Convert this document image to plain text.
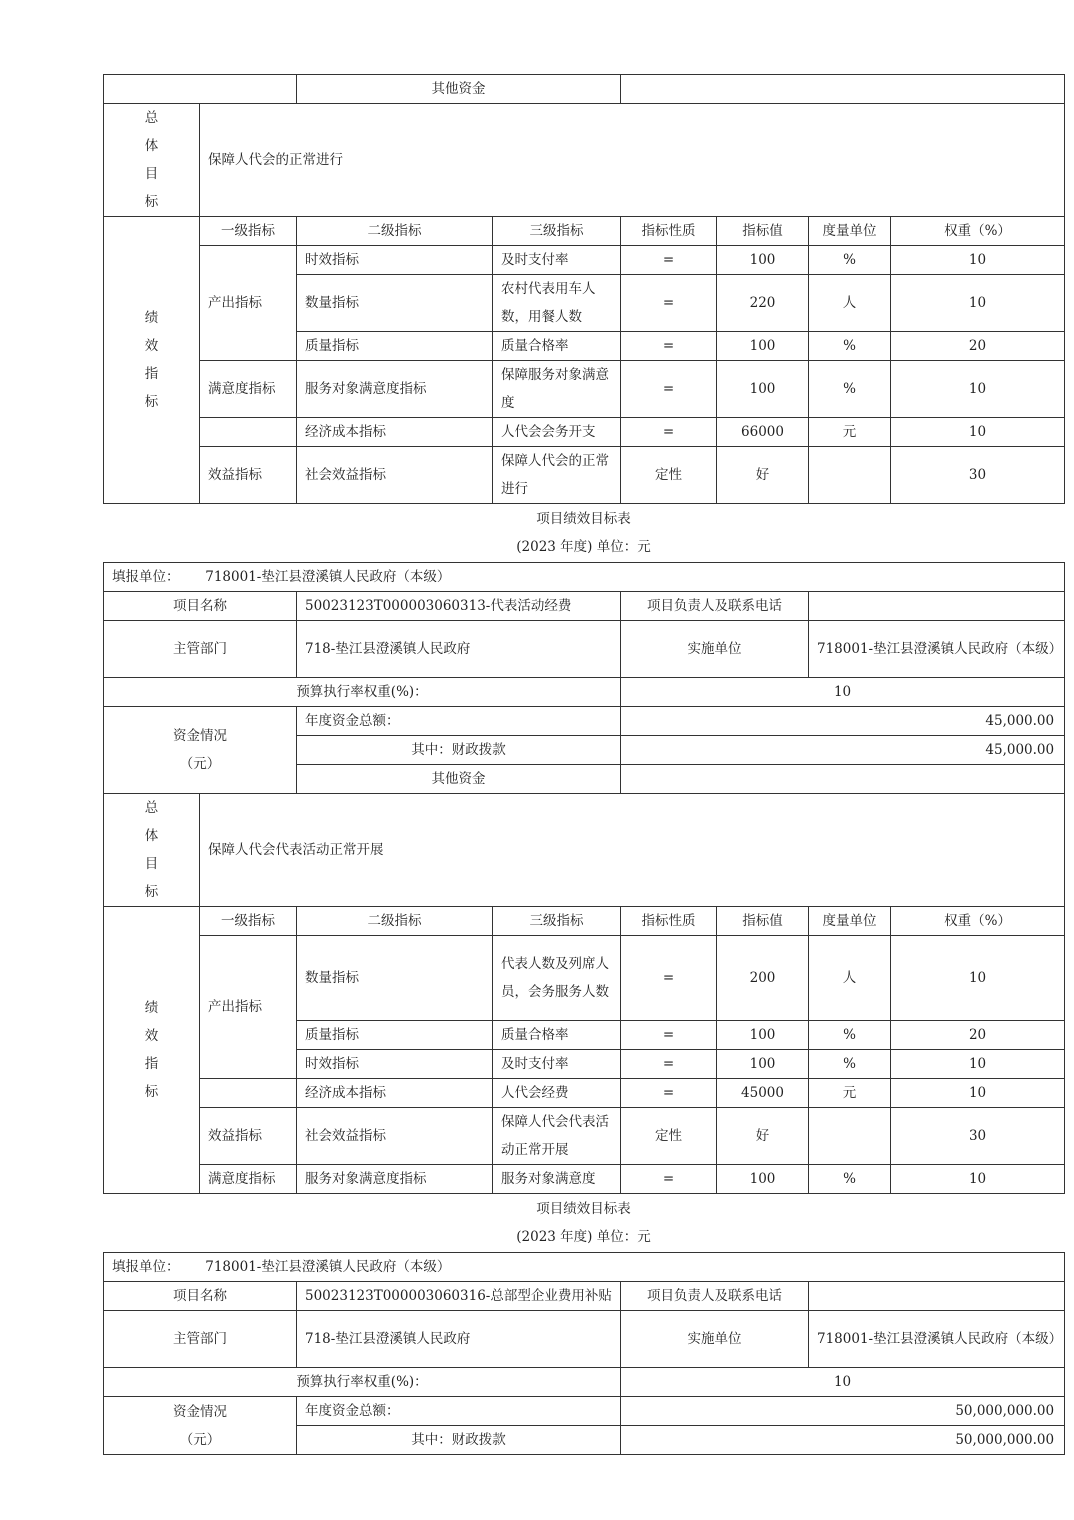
		其他资金					

总
体
目
标	保障人代会的正常进行						

绩
效
指
标	一级指标	二级指标	三级指标	指标性质	指标值	度量单位	权重（%）
	产出指标	时效指标	及时支付率	=	100	%	10
		数量指标	农村代表用车人数，用餐人数	=	220	人	10
		质量指标	质量合格率	=	100	%	20
	满意度指标	服务对象满意度指标	保障服务对象满意度	=	100	%	10
		经济成本指标	人代会会务开支	=	66000	元	10
	效益指标	社会效益指标	保障人代会的正常进行	定性	好		30
项目绩效目标表
(2023 年度) 单位：元
填报单位： 718001-垫江县澄溪镇人民政府（本级）							
项目名称		50023123T000003060313-代表活动经费		项目负责人及联系电话			
主管部门		718-垫江县澄溪镇人民政府		实施单位		718001-垫江县澄溪镇人民政府（本级）	
预算执行率权重(%)：				10			

资金情况
（元）		年度资金总额：		45,000.00			
		其中：财政拨款		45,000.00			
		其他资金					

总
体
目
标	保障人代会代表活动正常开展						

绩
效
指
标	一级指标	二级指标	三级指标	指标性质	指标值	度量单位	权重（%）
	产出指标	数量指标	代表人数及列席人员，会务服务人数	=	200	人	10
		质量指标	质量合格率	=	100	%	20
		时效指标	及时支付率	=	100	%	10
		经济成本指标	人代会经费	=	45000	元	10
	效益指标	社会效益指标	保障人代会代表活动正常开展	定性	好		30
	满意度指标	服务对象满意度指标	服务对象满意度	=	100	%	10
项目绩效目标表
(2023 年度) 单位：元
填报单位： 718001-垫江县澄溪镇人民政府（本级）			
项目名称	50023123T000003060316-总部型企业费用补贴	项目负责人及联系电话	
主管部门	718-垫江县澄溪镇人民政府	实施单位	718001-垫江县澄溪镇人民政府（本级）
预算执行率权重(%)：		10	

资金情况
（元）	年度资金总额：	50,000,000.00	
	其中：财政拨款	50,000,000.00	
